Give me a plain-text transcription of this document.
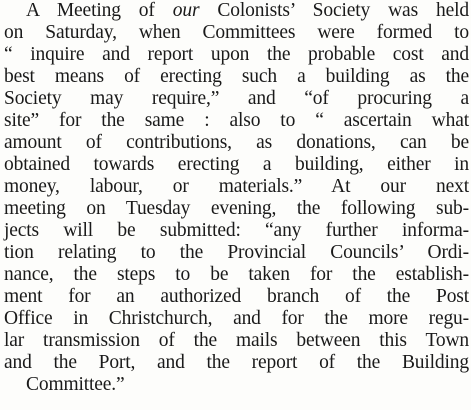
A Meeting of our Colonists’ Society was held
on Saturday, when Committees were formed to
“ inquire and report upon the probable cost and
best means of erecting such a building as the
Society may require,” and “of procuring a
site” for the same : also to “ ascertain what
amount of contributions, as donations, can be
obtained towards erecting a building, either in
money, labour, or materials.” At our next
meeting on Tuesday evening, the following sub-
jects will be submitted: “any further informa-
tion relating to the Provincial Councils’ Ordi-
nance, the steps to be taken for the establish-
ment for an authorized branch of the Post
Office in Christchurch, and for the more regu-
lar transmission of the mails between this Town
and the Port, and the report of the Building
Committee.”
